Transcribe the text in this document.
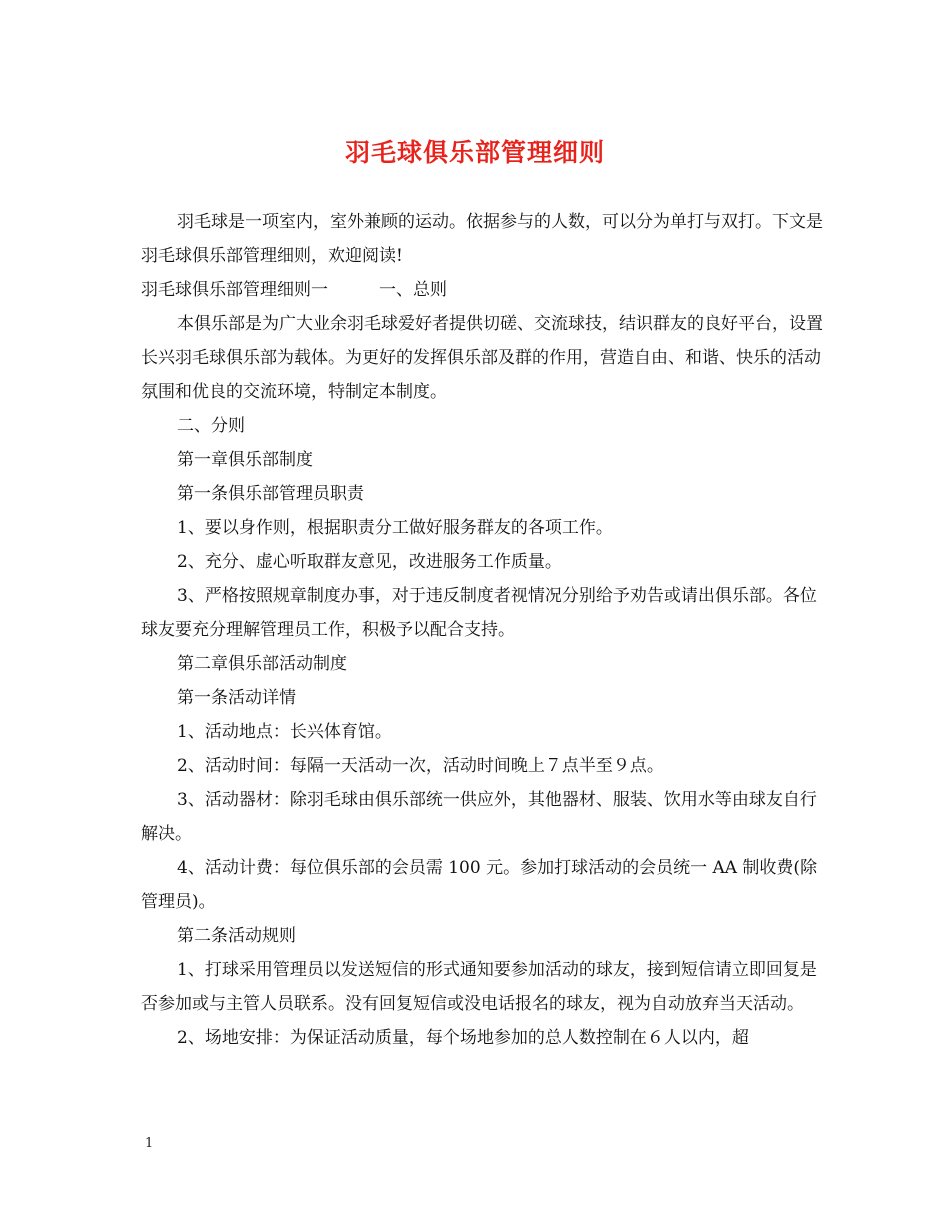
羽毛球俱乐部管理细则

羽毛球是一项室内，室外兼顾的运动。依据参与的人数，可以分为单打与双打。下文是羽毛球俱乐部管理细则，欢迎阅读!

羽毛球俱乐部管理细则一　　　一、总则

本俱乐部是为广大业余羽毛球爱好者提供切磋、交流球技，结识群友的良好平台，设置长兴羽毛球俱乐部为载体。为更好的发挥俱乐部及群的作用，营造自由、和谐、快乐的活动氛围和优良的交流环境，特制定本制度。

二、分则

第一章俱乐部制度

第一条俱乐部管理员职责

1、要以身作则，根据职责分工做好服务群友的各项工作。

2、充分、虚心听取群友意见，改进服务工作质量。

3、严格按照规章制度办事，对于违反制度者视情况分别给予劝告或请出俱乐部。各位球友要充分理解管理员工作，积极予以配合支持。

第二章俱乐部活动制度

第一条活动详情

1、活动地点：长兴体育馆。

2、活动时间：每隔一天活动一次，活动时间晚上７点半至９点。

3、活动器材：除羽毛球由俱乐部统一供应外，其他器材、服装、饮用水等由球友自行解决。

4、活动计费：每位俱乐部的会员需 100 元。参加打球活动的会员统一 AA 制收费(除管理员)。

第二条活动规则

1、打球采用管理员以发送短信的形式通知要参加活动的球友，接到短信请立即回复是否参加或与主管人员联系。没有回复短信或没电话报名的球友，视为自动放弃当天活动。

2、场地安排：为保证活动质量，每个场地参加的总人数控制在６人以内，超

1
